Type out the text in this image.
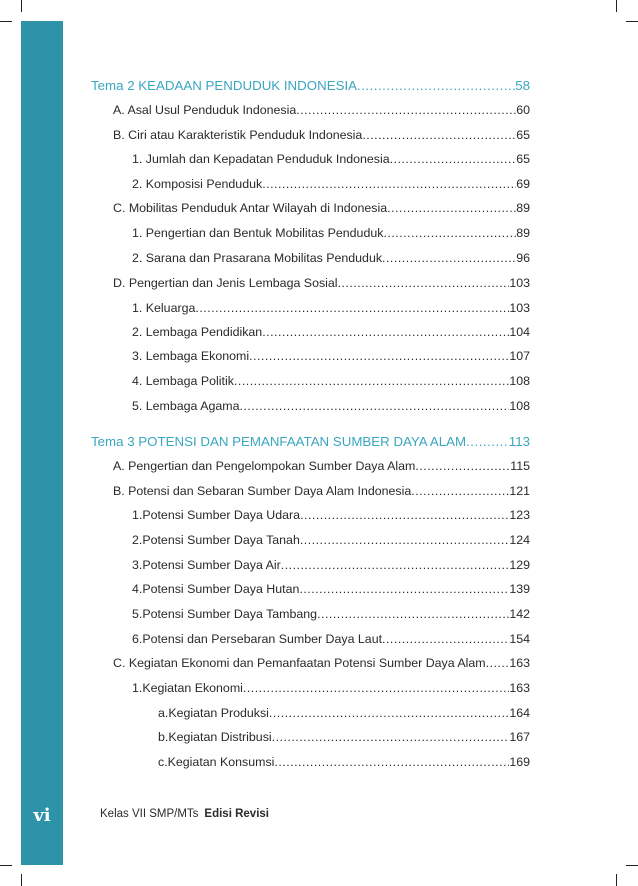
vi
Tema 2 KEADAAN PENDUDUK INDONESIA .....	58
A. Asal Usul Penduduk Indonesia .....	60
B. Ciri atau Karakteristik Penduduk Indonesia .....	65
1. Jumlah dan Kepadatan Penduduk Indonesia .....	65
2. Komposisi Penduduk .....	69
C. Mobilitas Penduduk Antar Wilayah di Indonesia .....	89
1. Pengertian dan Bentuk Mobilitas Penduduk .....	89
2. Sarana dan Prasarana Mobilitas Penduduk .....	96
D. Pengertian dan Jenis Lembaga Sosial .....	103
1. Keluarga .....	103
2. Lembaga Pendidikan .....	104
3. Lembaga Ekonomi .....	107
4. Lembaga Politik .....	108
5. Lembaga Agama .....	108
Tema 3 POTENSI DAN PEMANFAATAN SUMBER DAYA ALAM .....	113
A. Pengertian dan Pengelompokan Sumber Daya Alam .....	115
B. Potensi dan Sebaran Sumber Daya Alam Indonesia .....	121
1.Potensi Sumber Daya Udara .....	123
2.Potensi Sumber Daya Tanah .....	124
3.Potensi Sumber Daya Air .....	129
4.Potensi Sumber Daya Hutan .....	139
5.Potensi Sumber Daya Tambang .....	142
6.Potensi dan Persebaran Sumber Daya Laut .....	154
C. Kegiatan Ekonomi dan Pemanfaatan Potensi Sumber Daya Alam ..... 163
1.Kegiatan Ekonomi .....	163
a.Kegiatan Produksi .....	164
b.Kegiatan Distribusi .....	167
c.Kegiatan Konsumsi .....	169
Kelas VII SMP/MTs Edisi Revisi
